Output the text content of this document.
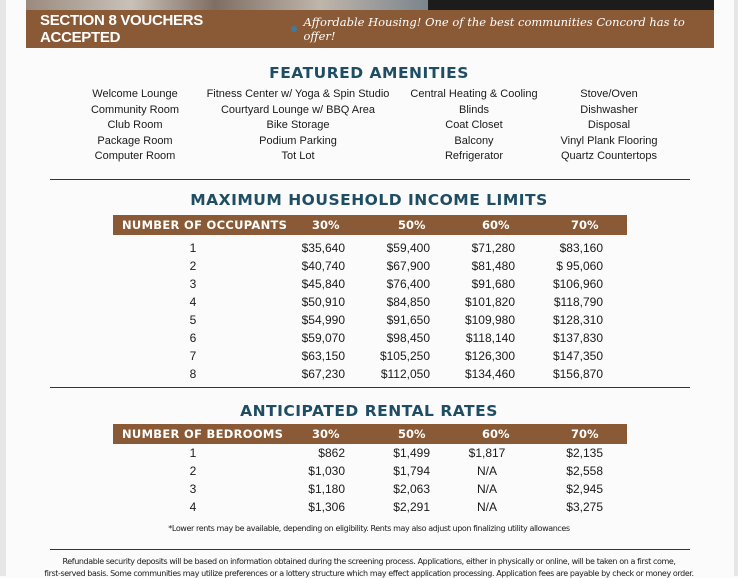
SECTION 8 VOUCHERS ACCEPTED
Affordable Housing! One of the best communities Concord has to offer!
FEATURED AMENITIES
Welcome Lounge
Community Room
Club Room
Package Room
Computer Room
Fitness Center w/ Yoga & Spin Studio
Courtyard Lounge w/ BBQ Area
Bike Storage
Podium Parking
Tot Lot
Central Heating & Cooling
Blinds
Coat Closet
Balcony
Refrigerator
Stove/Oven
Dishwasher
Disposal
Vinyl Plank Flooring
Quartz Countertops
MAXIMUM HOUSEHOLD INCOME LIMITS
NUMBER OF OCCUPANTS 30%	50%	60%	70%
1	$35,640	$59,400	$71,280	$83,160
2	$40,740	$67,900	$81,480	$ 95,060
3	$45,840	$76,400	$91,680	$106,960
4	$50,910	$84,850	$101,820	$118,790
5	$54,990	$91,650	$109,980	$128,310
6	$59,070	$98,450	$118,140	$137,830
7	$63,150	$105,250	$126,300	$147,350
8	$67,230	$112,050	$134,460	$156,870
ANTICIPATED RENTAL RATES
NUMBER OF BEDROOMS	30%	50%	60%	70%
1	$862	$1,499	$1,817	$2,135
2	$1,030	$1,794	N/A	$2,558
3	$1,180	$2,063	N/A	$2,945
4	$1,306	$2,291	N/A	$3,275
*Lower rents may be available, depending on eligibility. Rents may also adjust upon finalizing utility allowances
Refundable security deposits will be based on information obtained during the screening process. Applications, either in physically or online, will be taken on a first come,
first-served basis. Some communities may utilize preferences or a lottery structure which may effect application processing. Application fees are payable by check or money order.
